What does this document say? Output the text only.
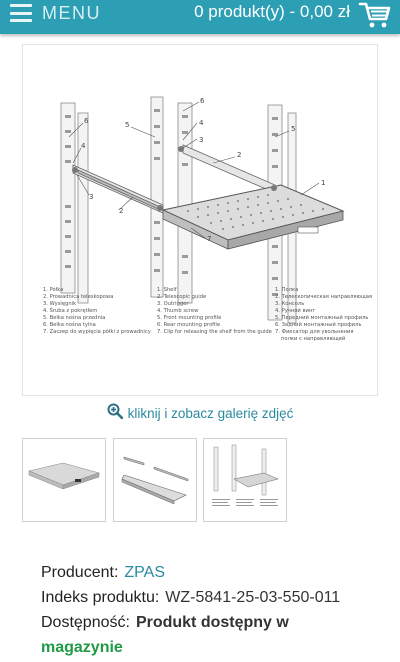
MENU	0 produkt(y) - 0,00 zł
6
4
3
2
5
6
4
3
2
5
1
7
1. Półka
2. Prowadnica teleskopowa
3. Wysięgnik
4. Śruba z pokrętłem
5. Belka nośna przednia
6. Belka nośna tylna
7. Zaczep do wypięcia półki z prowadnicy
1. Shelf
2. Telescopic guide
3. Outrigger
4. Thumb screw
5. Front mounting profile
6. Rear mounting profile
7. Clip for releasing the shelf from the guide
1. Полка
2. Телескопическая направляющая
3. Консоль
4. Ручной винт
5. Передний монтажный профиль
6. Задний монтажный профиль
7. Фиксатор для увольнения
полки с направляющей
kliknij i zobacz galerię zdjęć
Producent: ZPAS
Indeks produktu: WZ-5841-25-03-550-011
Dostępność: Produkt dostępny w
magazynie
